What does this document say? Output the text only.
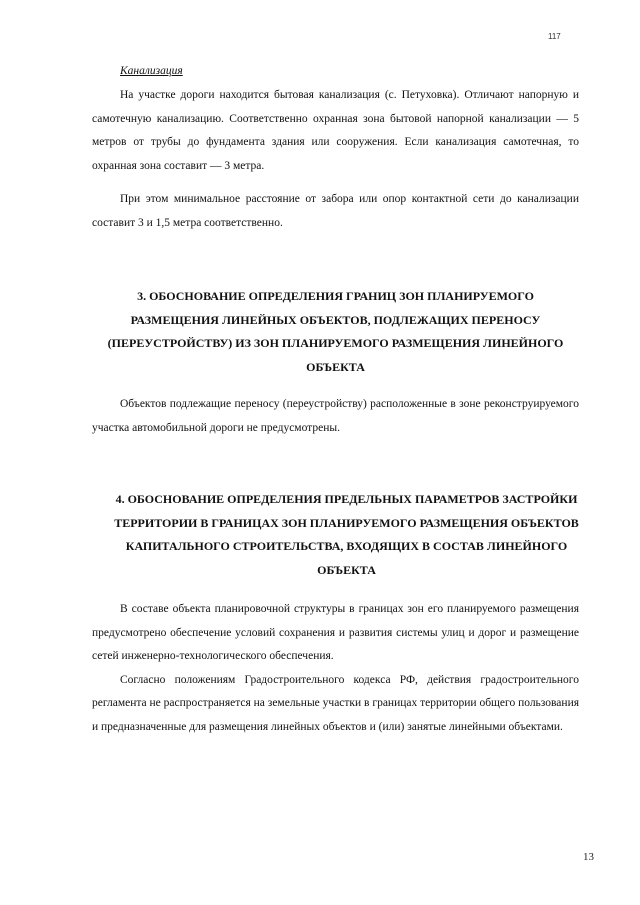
117

Канализация

На участке дороги находится бытовая канализация (с. Петуховка). Отличают напорную и самотечную канализацию. Соответственно охранная зона бытовой напорной канализации — 5 метров от трубы до фундамента здания или сооружения. Если канализация самотечная, то охранная зона составит — 3 метра.

При этом минимальное расстояние от забора или опор контактной сети до канализации составит 3 и 1,5 метра соответственно.

3. ОБОСНОВАНИЕ ОПРЕДЕЛЕНИЯ ГРАНИЦ ЗОН ПЛАНИРУЕМОГО РАЗМЕЩЕНИЯ ЛИНЕЙНЫХ ОБЪЕКТОВ, ПОДЛЕЖАЩИХ ПЕРЕНОСУ (ПЕРЕУСТРОЙСТВУ) ИЗ ЗОН ПЛАНИРУЕМОГО РАЗМЕЩЕНИЯ ЛИНЕЙНОГО ОБЪЕКТА

Объектов подлежащие переносу (переустройству) расположенные в зоне реконструируемого участка автомобильной дороги не предусмотрены.

4. ОБОСНОВАНИЕ ОПРЕДЕЛЕНИЯ ПРЕДЕЛЬНЫХ ПАРАМЕТРОВ ЗАСТРОЙКИ ТЕРРИТОРИИ В ГРАНИЦАХ ЗОН ПЛАНИРУЕМОГО РАЗМЕЩЕНИЯ ОБЪЕКТОВ КАПИТАЛЬНОГО СТРОИТЕЛЬСТВА, ВХОДЯЩИХ В СОСТАВ ЛИНЕЙНОГО ОБЪЕКТА

В составе объекта планировочной структуры в границах зон его планируемого размещения предусмотрено обеспечение условий сохранения и развития системы улиц и дорог и размещение сетей инженерно-технологического обеспечения.

Согласно положениям Градостроительного кодекса РФ, действия градостроительного регламента не распространяется на земельные участки в границах территории общего пользования и предназначенные для размещения линейных объектов и (или) занятые линейными объектами.

13
